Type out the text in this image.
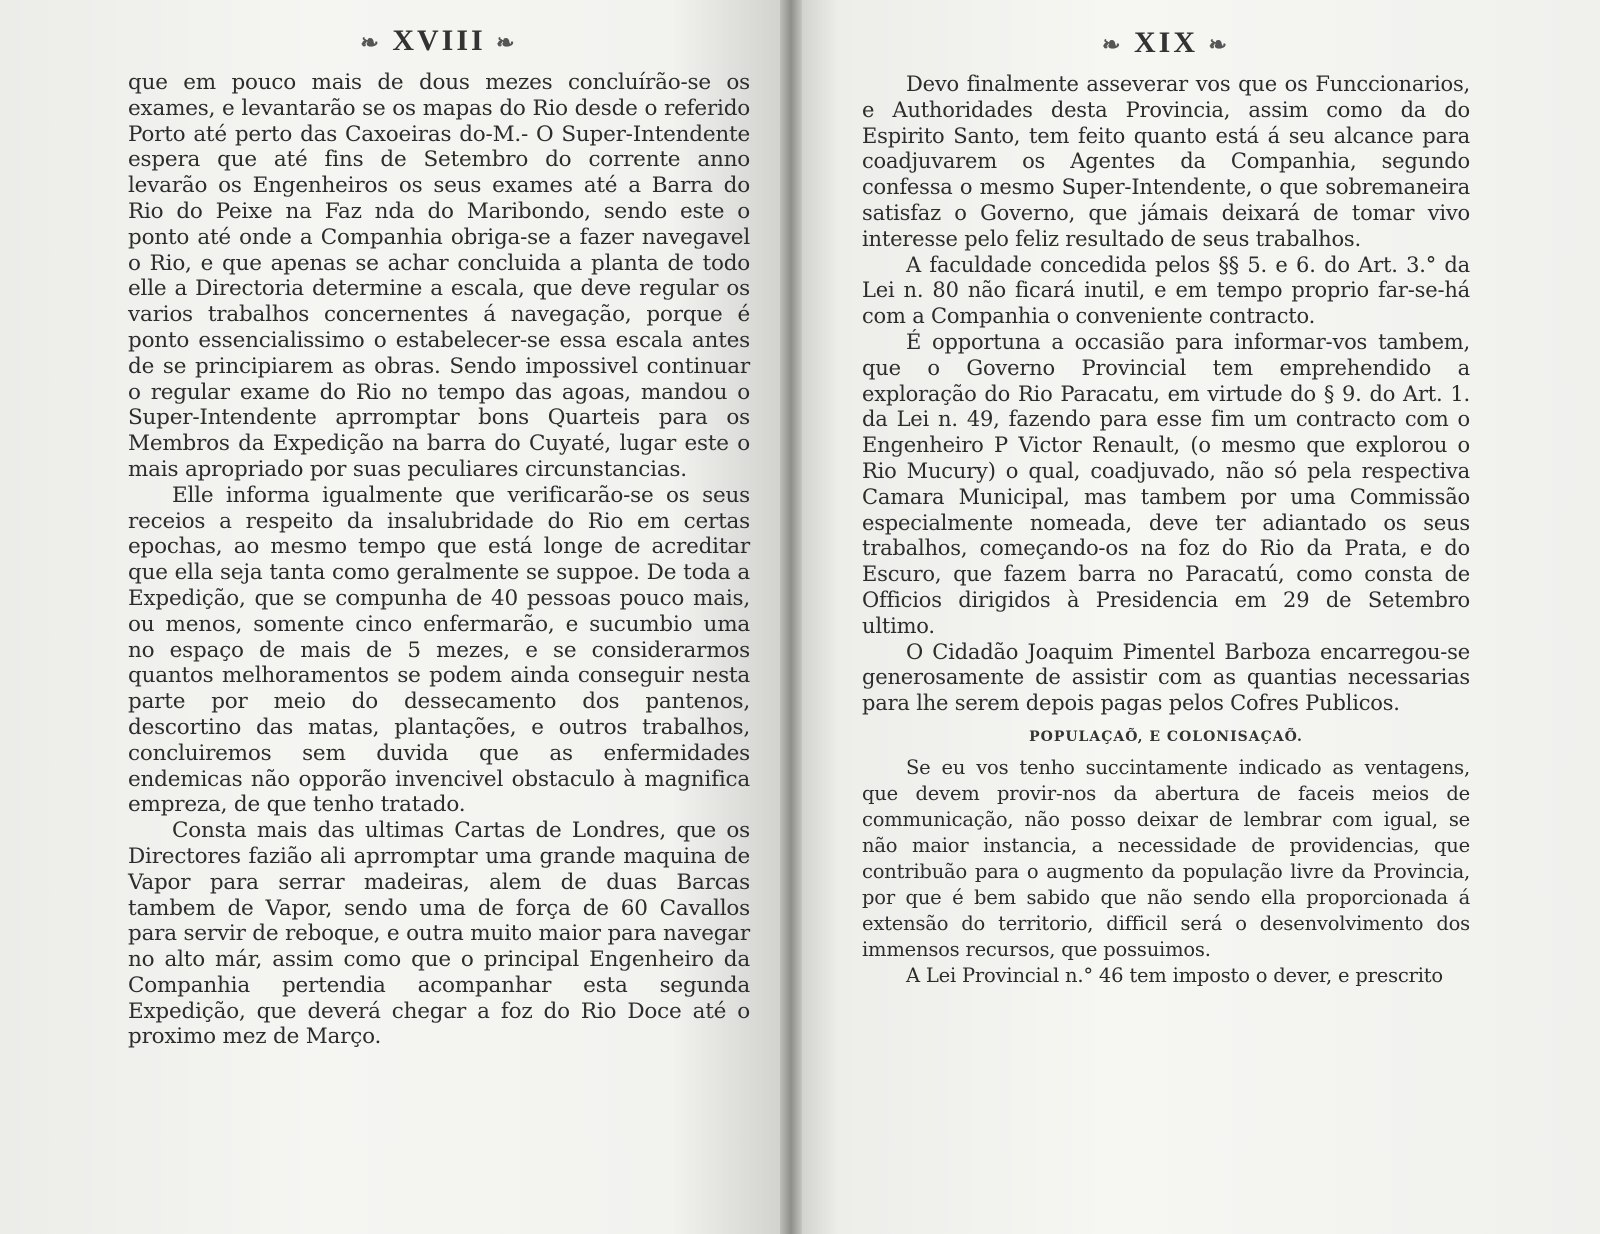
❧ XVIII ❧

que em pouco mais de dous mezes concluírão-se os exames, e levantarão se os mapas do Rio desde o referido Porto até perto das Caxoeiras do-M.- O Super-Intendente espera que até fins de Setembro do corrente anno levarão os Engenheiros os seus exames até a Barra do Rio do Peixe na Faz nda do Maribondo, sendo este o ponto até onde a Companhia obriga-se a fazer navegavel o Rio, e que apenas se achar concluida a planta de todo elle a Directoria determine a escala, que deve regular os varios trabalhos concernentes á navegação, porque é ponto essencialissimo o estabelecer-se essa escala antes de se principiarem as obras. Sendo impossivel continuar o regular exame do Rio no tempo das agoas, mandou o Super-Intendente aprromptar bons Quarteis para os Membros da Expedição na barra do Cuyaté, lugar este o mais apropriado por suas peculiares circunstancias.

Elle informa igualmente que verificarão-se os seus receios a respeito da insalubridade do Rio em certas epochas, ao mesmo tempo que está longe de acreditar que ella seja tanta como geralmente se suppoe. De toda a Expedição, que se compunha de 40 pessoas pouco mais, ou menos, somente cinco enfermarão, e sucumbio uma no espaço de mais de 5 mezes, e se considerarmos quantos melhoramentos se podem ainda conseguir nesta parte por meio do dessecamento dos pantenos, descortino das matas, plantações, e outros trabalhos, concluiremos sem duvida que as enfermidades endemicas não opporão invencivel obstaculo à magnifica empreza, de que tenho tratado.

Consta mais das ultimas Cartas de Londres, que os Directores fazião ali aprromptar uma grande maquina de Vapor para serrar madeiras, alem de duas Barcas tambem de Vapor, sendo uma de força de 60 Cavallos para servir de reboque, e outra muito maior para navegar no alto már, assim como que o principal Engenheiro da Companhia pertendia acompanhar esta segunda Expedição, que deverá chegar a foz do Rio Doce até o proximo mez de Março.

❧ XIX ❧

Devo finalmente asseverar vos que os Funccionarios, e Authoridades desta Provincia, assim como da do Espirito Santo, tem feito quanto está á seu alcance para coadjuvarem os Agentes da Companhia, segundo confessa o mesmo Super-Intendente, o que sobremaneira satisfaz o Governo, que jámais deixará de tomar vivo interesse pelo feliz resultado de seus trabalhos.

A faculdade concedida pelos §§ 5. e 6. do Art. 3.° da Lei n. 80 não ficará inutil, e em tempo proprio far-se-há com a Companhia o conveniente contracto.

É opportuna a occasião para informar-vos tambem, que o Governo Provincial tem emprehendido a exploração do Rio Paracatu, em virtude do § 9. do Art. 1. da Lei n. 49, fazendo para esse fim um contracto com o Engenheiro P Victor Renault, (o mesmo que explorou o Rio Mucury) o qual, coadjuvado, não só pela respectiva Camara Municipal, mas tambem por uma Commissão especialmente nomeada, deve ter adiantado os seus trabalhos, começando-os na foz do Rio da Prata, e do Escuro, que fazem barra no Paracatú, como consta de Officios dirigidos à Presidencia em 29 de Setembro ultimo.

O Cidadão Joaquim Pimentel Barboza encarregou-se generosamente de assistir com as quantias necessarias para lhe serem depois pagas pelos Cofres Publicos.

POPULAÇAÕ, E COLONISAÇAÕ.

Se eu vos tenho succintamente indicado as ventagens, que devem provir-nos da abertura de faceis meios de communicação, não posso deixar de lembrar com igual, se não maior instancia, a necessidade de providencias, que contribuão para o augmento da população livre da Provincia, por que é bem sabido que não sendo ella proporcionada á extensão do territorio, difficil será o desenvolvimento dos immensos recursos, que possuimos.

A Lei Provincial n.° 46 tem imposto o dever, e prescrito
